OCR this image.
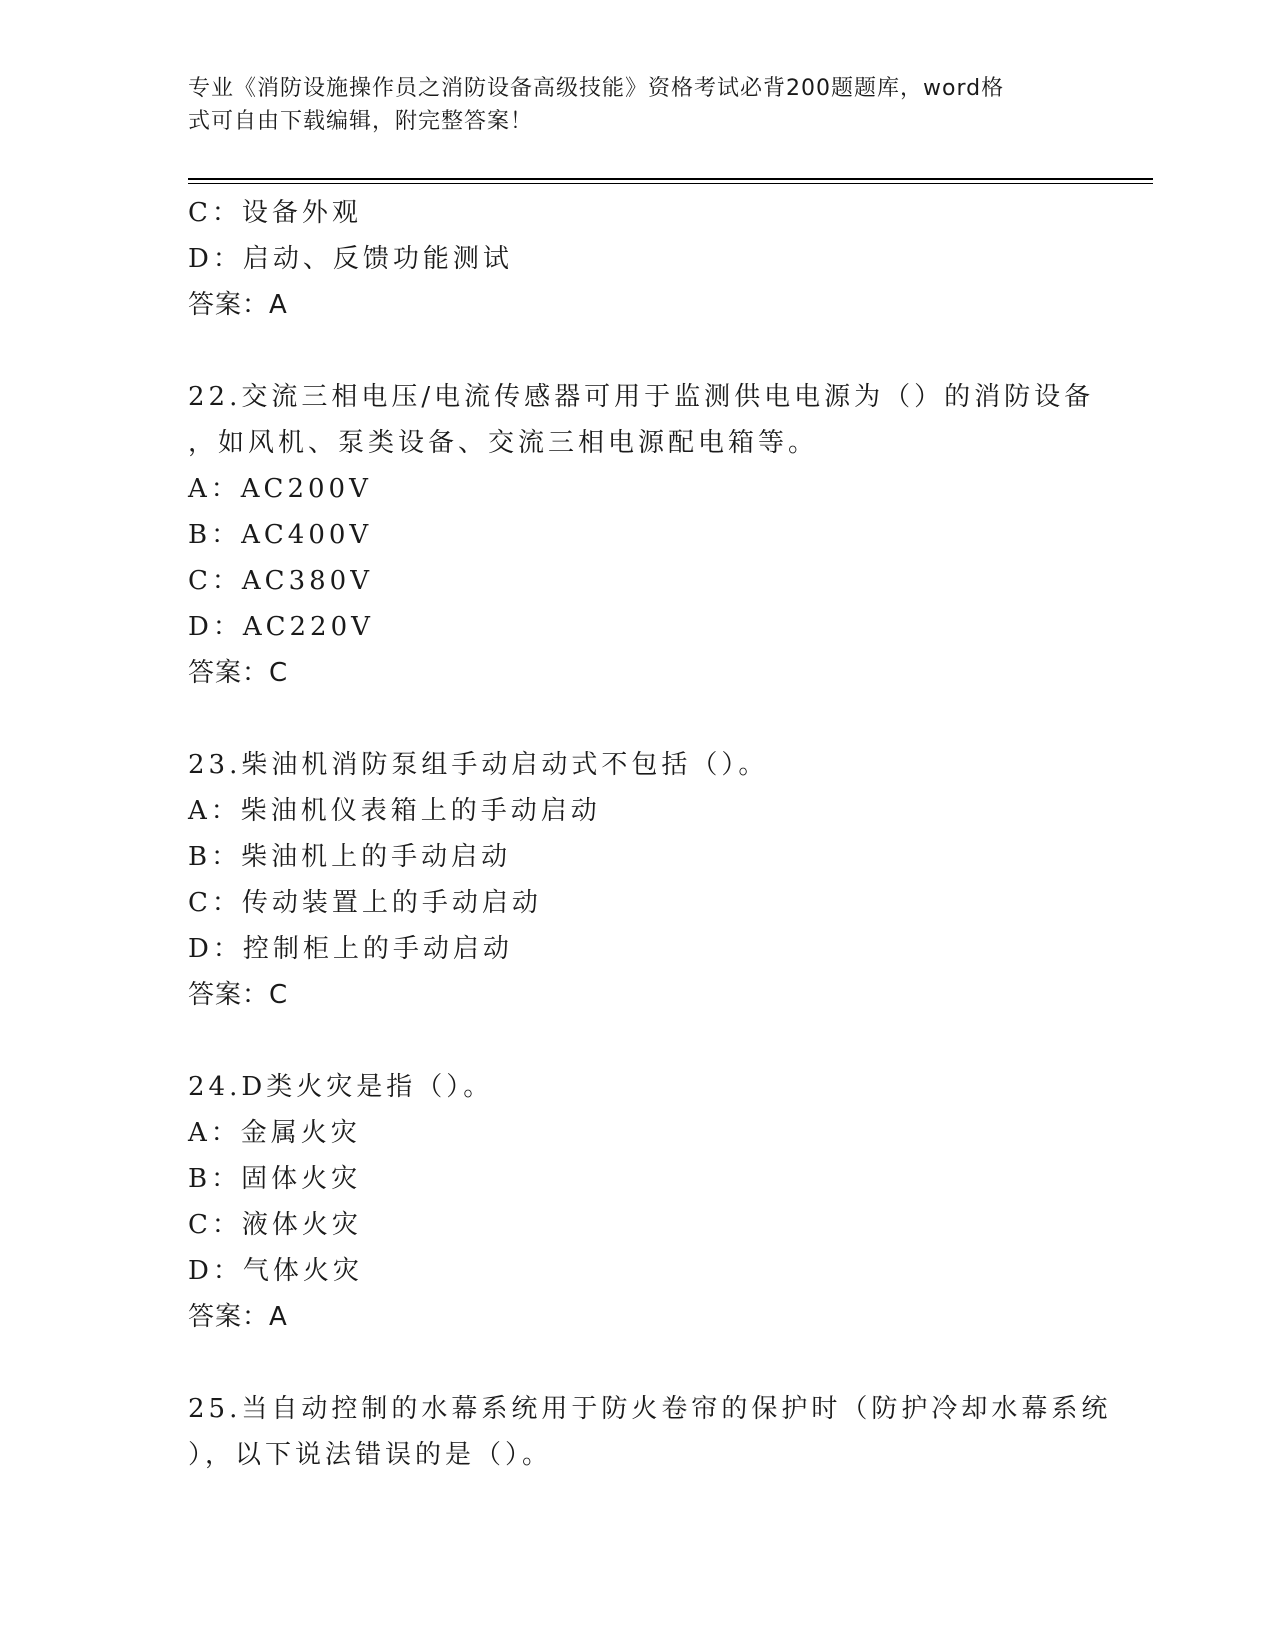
专业《消防设施操作员之消防设备高级技能》资格考试必背200题题库，word格
式可自由下载编辑，附完整答案！
C：设备外观
D：启动、反馈功能测试
答案：A
22.交流三相电压/电流传感器可用于监测供电电源为（）的消防设备
，如风机、泵类设备、交流三相电源配电箱等。
A：AC200V
B：AC400V
C：AC380V
D：AC220V
答案：C
23.柴油机消防泵组手动启动式不包括（）。
A：柴油机仪表箱上的手动启动
B：柴油机上的手动启动
C：传动装置上的手动启动
D：控制柜上的手动启动
答案：C
24.D类火灾是指（）。
A：金属火灾
B：固体火灾
C：液体火灾
D：气体火灾
答案：A
25.当自动控制的水幕系统用于防火卷帘的保护时（防护冷却水幕系统
），以下说法错误的是（）。
